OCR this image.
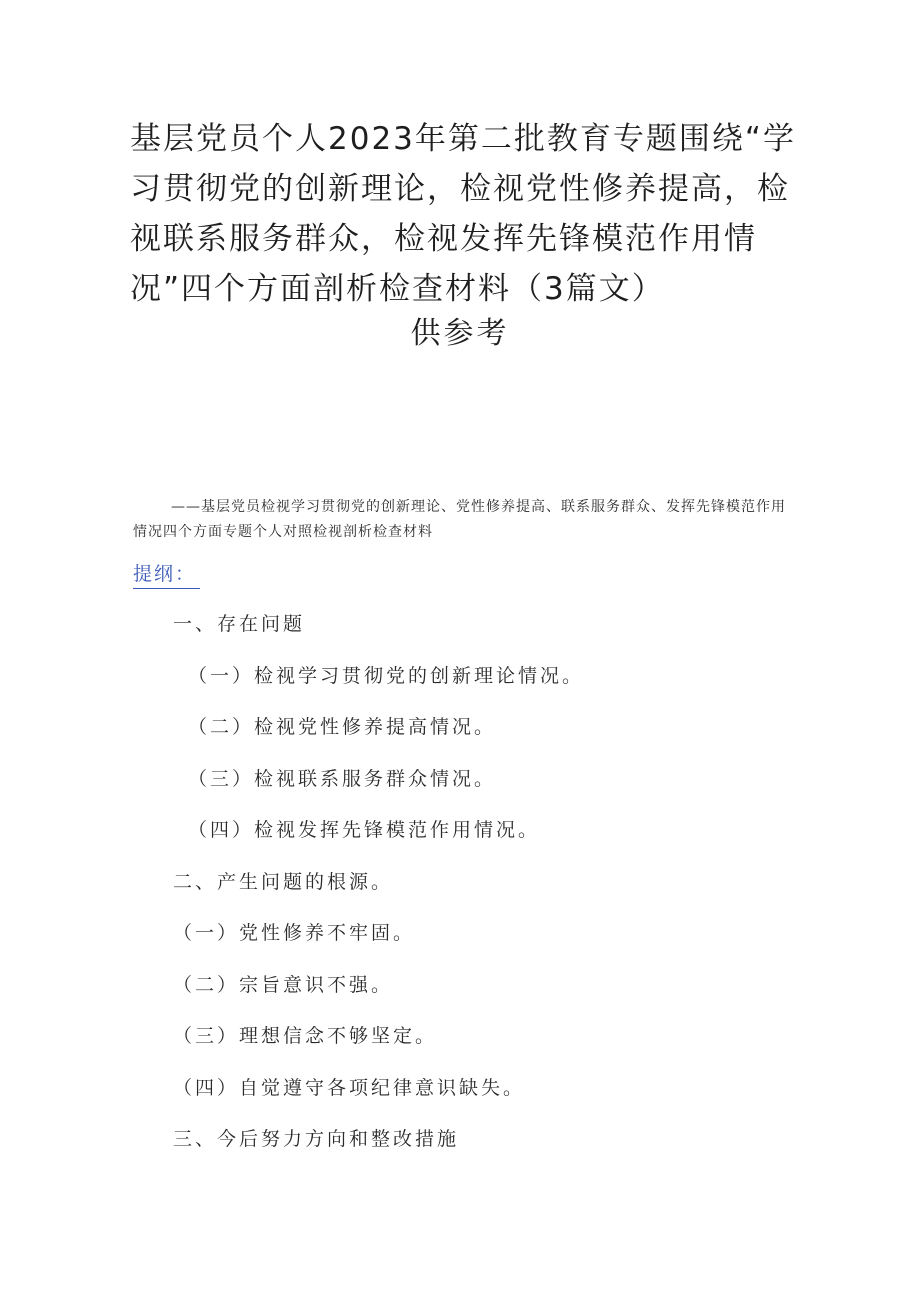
基层党员个人2023年第二批教育专题围绕“学习贯彻党的创新理论，检视党性修养提高，检视联系服务群众，检视发挥先锋模范作用情况”四个方面剖析检查材料（3篇文）
供参考

——基层党员检视学习贯彻党的创新理论、党性修养提高、联系服务群众、发挥先锋模范作用情况四个方面专题个人对照检视剖析检查材料

提纲：
一、存在问题
（一）检视学习贯彻党的创新理论情况。
（二）检视党性修养提高情况。
（三）检视联系服务群众情况。
（四）检视发挥先锋模范作用情况。
二、产生问题的根源。
（一）党性修养不牢固。
（二）宗旨意识不强。
（三）理想信念不够坚定。
（四）自觉遵守各项纪律意识缺失。
三、今后努力方向和整改措施
